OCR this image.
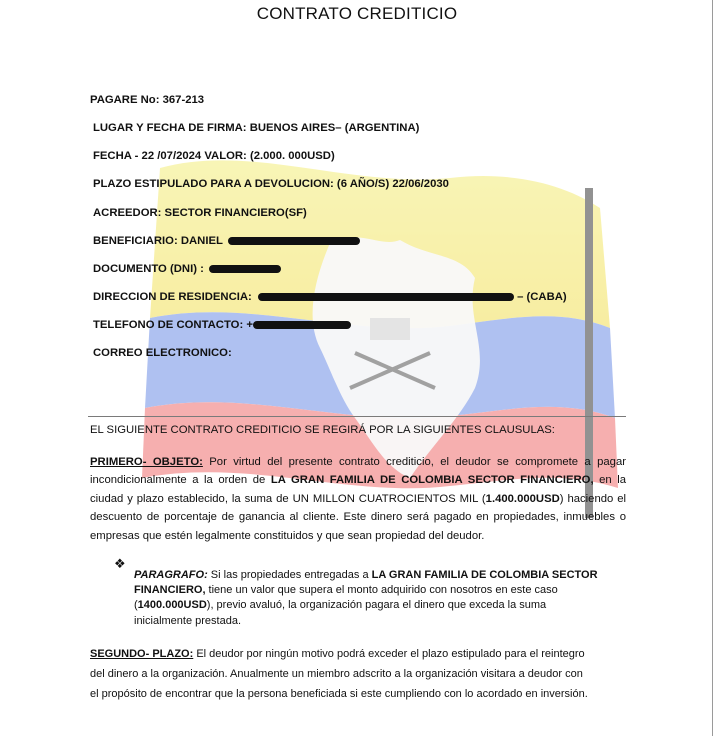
CONTRATO CREDITICIO
PAGARE No: 367-213
LUGAR Y FECHA DE FIRMA: BUENOS AIRES– (ARGENTINA)
FECHA - 22 /07/2024 VALOR: (2.000. 000USD)
PLAZO ESTIPULADO PARA A DEVOLUCION: (6 AÑO/S) 22/06/2030
ACREEDOR: SECTOR FINANCIERO(SF)
BENEFICIARIO: DANIEL
DOCUMENTO (DNI) :
DIRECCION DE RESIDENCIA:	– (CABA)
TELEFONO DE CONTACTO: +
CORREO ELECTRONICO:
EL SIGUIENTE CONTRATO CREDITICIO SE REGIRÁ POR LA SIGUIENTES CLAUSULAS:
PRIMERO- OBJETO: Por virtud del presente contrato crediticio, el deudor se compromete a pagar incondicionalmente a la orden de LA GRAN FAMILIA DE COLOMBIA SECTOR FINANCIERO, en la ciudad y plazo establecido, la suma de UN MILLON CUATROCIENTOS MIL (1.400.000USD) haciendo el descuento de porcentaje de ganancia al cliente. Este dinero será pagado en propiedades, inmuebles o empresas que estén legalmente constituidos y que sean propiedad del deudor.
❖
PARAGRAFO: Si las propiedades entregadas a LA GRAN FAMILIA DE COLOMBIA SECTOR FINANCIERO, tiene un valor que supera el monto adquirido con nosotros en este caso (1400.000USD), previo avaluó, la organización pagara el dinero que exceda la suma inicialmente prestada.
SEGUNDO- PLAZO: El deudor por ningún motivo podrá exceder el plazo estipulado para el reintegro del dinero a la organización. Anualmente un miembro adscrito a la organización visitara a deudor con el propósito de encontrar que la persona beneficiada si este cumpliendo con lo acordado en inversión.
